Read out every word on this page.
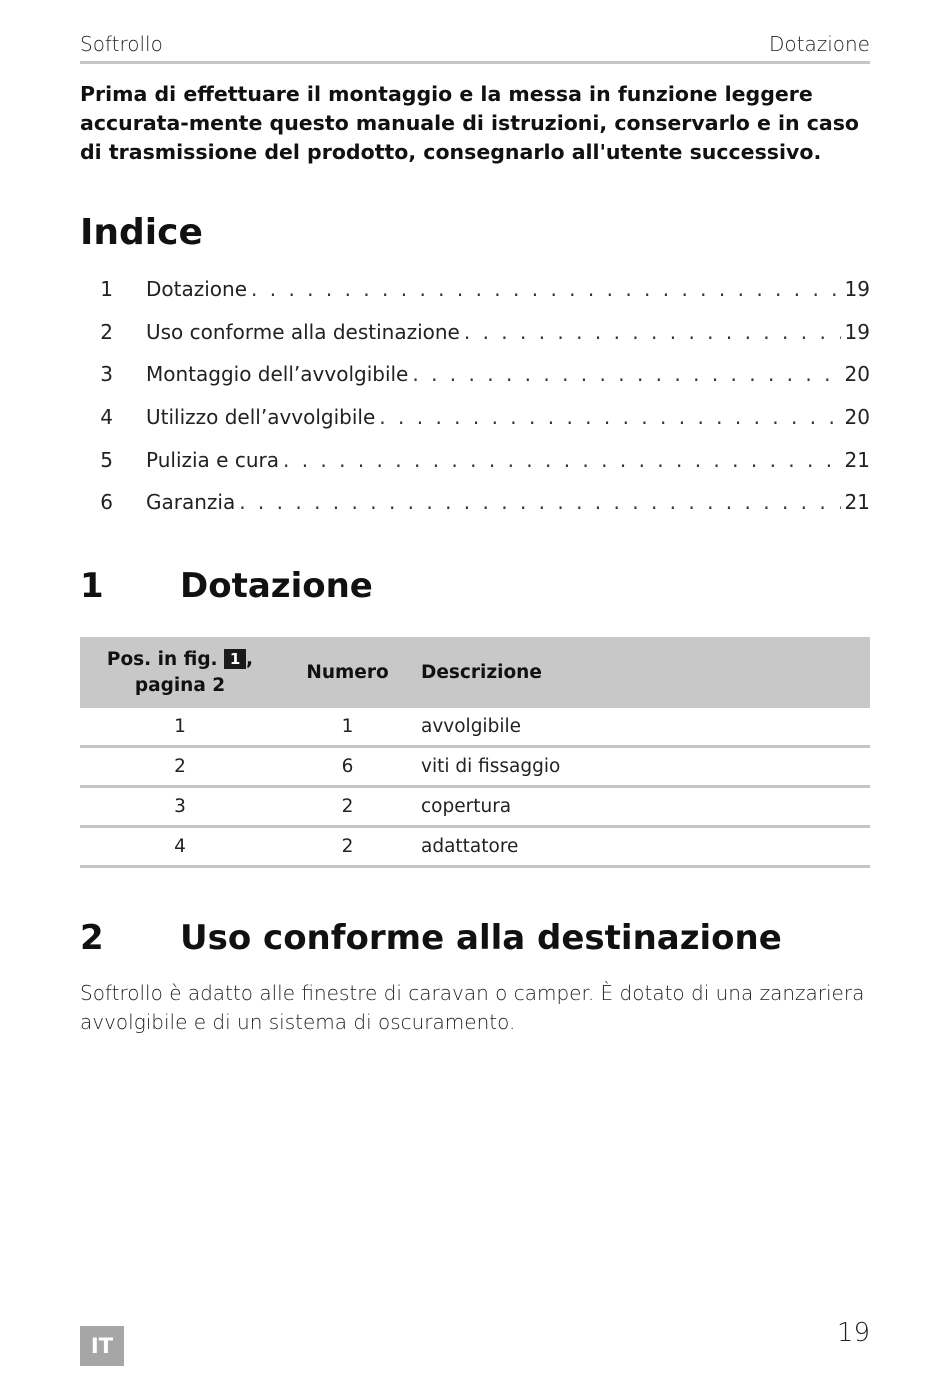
Softrollo	Dotazione

Prima di effettuare il montaggio e la messa in funzione leggere accurata-mente questo manuale di istruzioni, conservarlo e in caso di trasmissione del prodotto, consegnarlo all'utente successivo.

Indice
1 Dotazione . . .	19
2 Uso conforme alla destinazione . . .	19
3 Montaggio dell’avvolgibile . . .	20
4 Utilizzo dell’avvolgibile . . .	20
5 Pulizia e cura . . .	21
6 Garanzia . . .	21
1 Dotazione
Pos. in fig. 1 ,
pagina 2
Numero	Descrizione
1	1	avvolgibile
2	6	viti di fissaggio
3	2	copertura
4	2	adattatore
2 Uso conforme alla destinazione

Softrollo è adatto alle finestre di caravan o camper. È dotato di una zanzariera avvolgibile e di un sistema di oscuramento.

IT	19
